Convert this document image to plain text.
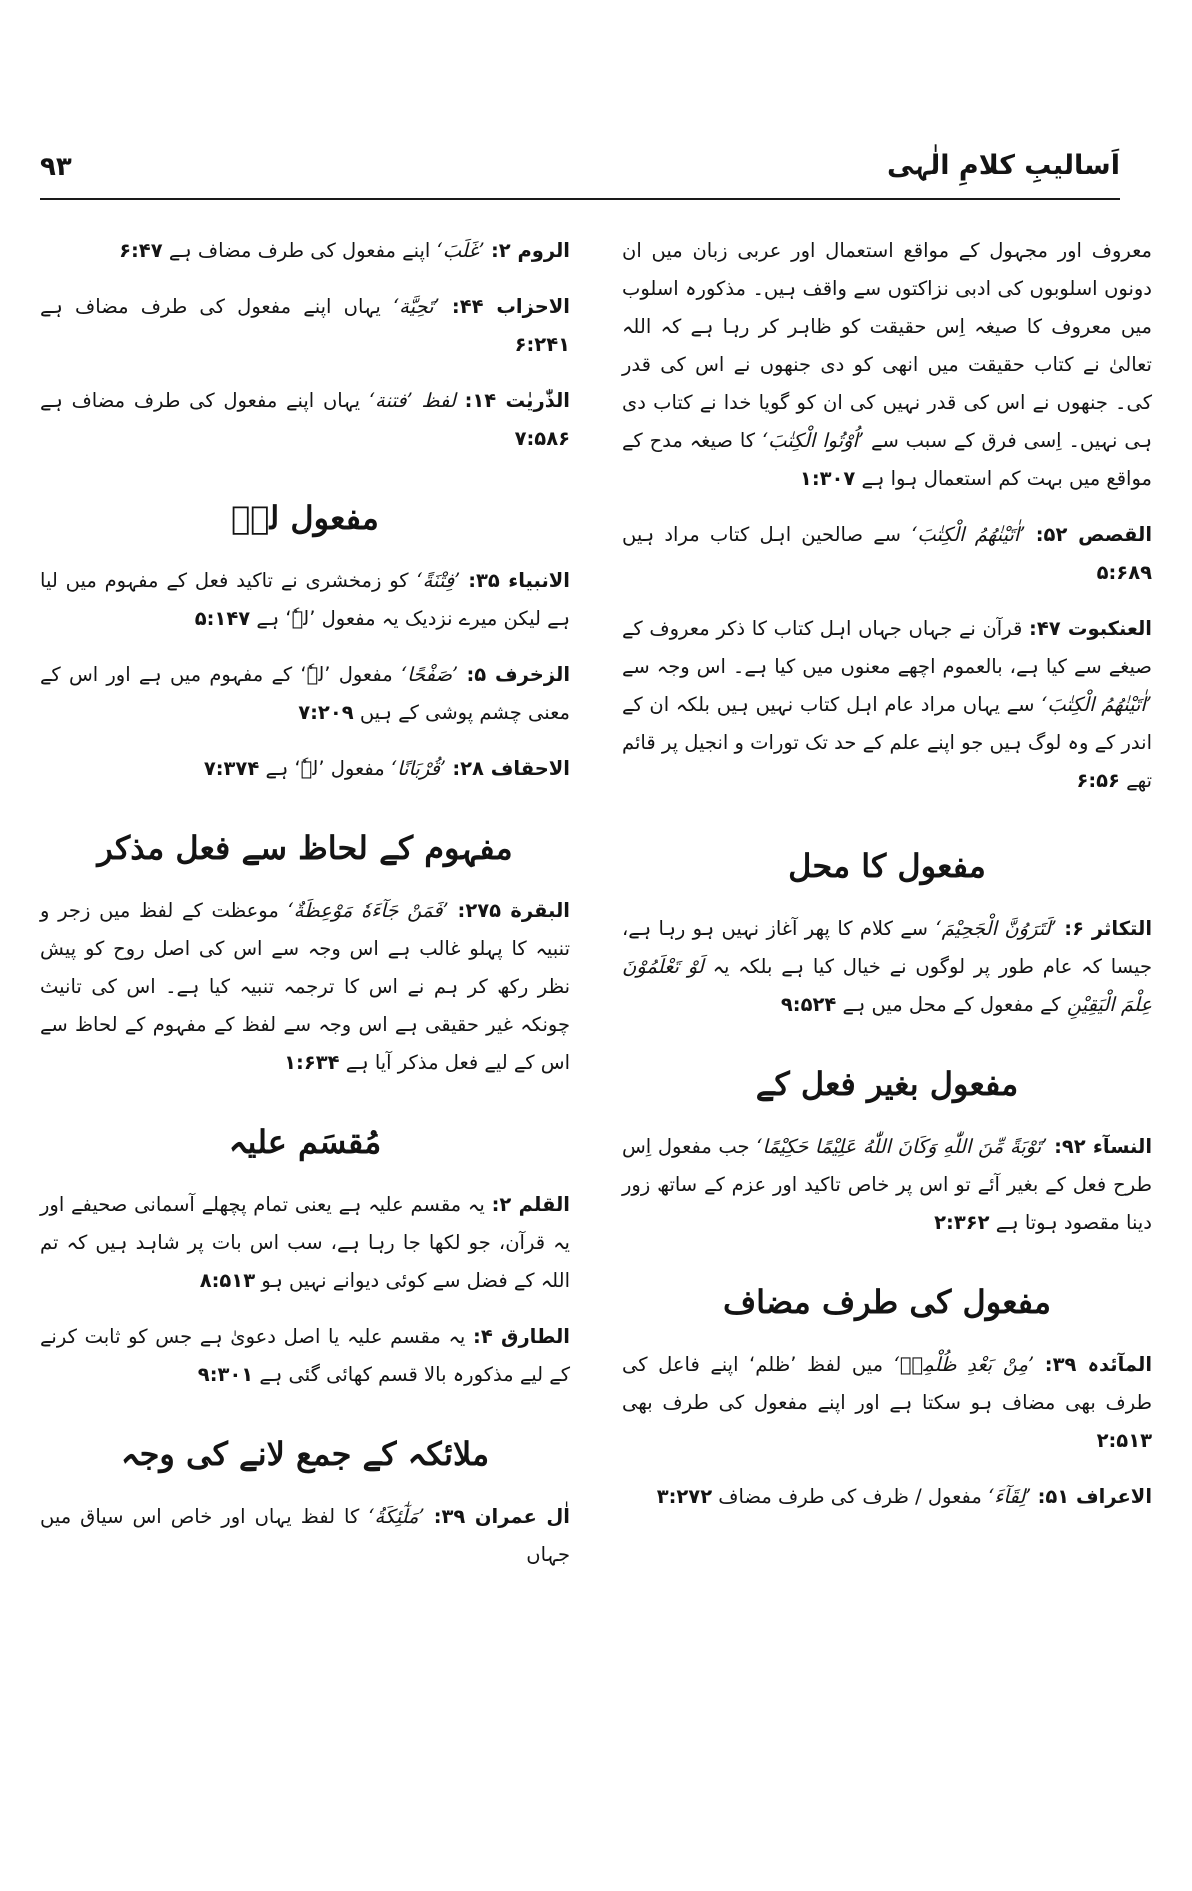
اَسالیبِ کلامِ الٰہی
۹۳

معروف اور مجہول کے مواقع استعمال اور عربی زبان میں ان دونوں اسلوبوں کی ادبی نزاکتوں سے واقف ہیں۔ مذکورہ اسلوب میں معروف کا صیغہ اِس حقیقت کو ظاہر کر رہا ہے کہ اللہ تعالیٰ نے کتاب حقیقت میں انھی کو دی جنھوں نے اس کی قدر کی۔ جنھوں نے اس کی قدر نہیں کی ان کو گویا خدا نے کتاب دی ہی نہیں۔ اِسی فرق کے سبب سے ’اُوْتُوا الْكِتٰبَ‘ کا صیغہ مدح کے مواقع میں بہت کم استعمال ہوا ہے ۱:۳۰۷

القصص ۵۲: ’اٰتَيْنٰهُمُ الْكِتٰبَ‘ سے صالحین اہل کتاب مراد ہیں ۵:۶۸۹

العنکبوت ۴۷: قرآن نے جہاں جہاں اہل کتاب کا ذکر معروف کے صیغے سے کیا ہے، بالعموم اچھے معنوں میں کیا ہے۔ اس وجہ سے ’اٰتَيْنٰهُمُ الْكِتٰبَ‘ سے یہاں مراد عام اہل کتاب نہیں ہیں بلکہ ان کے اندر کے وہ لوگ ہیں جو اپنے علم کے حد تک تورات و انجیل پر قائم تھے ۶:۵۶

مفعول کا محل

التکاثر ۶: ’لَتَرَوُنَّ الْجَحِيْمَ‘ سے کلام کا پھر آغاز نہیں ہو رہا ہے، جیسا کہ عام طور پر لوگوں نے خیال کیا ہے بلکہ یہ لَوْ تَعْلَمُوْنَ عِلْمَ الْيَقِيْنِ کے مفعول کے محل میں ہے ۹:۵۲۴

مفعول بغیر فعل کے

النسآء ۹۲: ’تَوْبَةً مِّنَ اللّٰهِ وَكَانَ اللّٰهُ عَلِيْمًا حَكِيْمًا‘ جب مفعول اِس طرح فعل کے بغیر آئے تو اس پر خاص تاکید اور عزم کے ساتھ زور دینا مقصود ہوتا ہے ۲:۳۶۲

مفعول کی طرف مضاف

المآئدہ ۳۹: ’مِنْ بَعْدِ ظُلْمِهٖ‘ میں لفظ ’ظلم‘ اپنے فاعل کی طرف بھی مضاف ہو سکتا ہے اور اپنے مفعول کی طرف بھی ۲:۵۱۳

الاعراف ۵۱: ’لِقَآءَ‘ مفعول / ظرف کی طرف مضاف ۳:۲۷۲

الروم ۲: ’غَلَبَ‘ اپنے مفعول کی طرف مضاف ہے ۶:۴۷

الاحزاب ۴۴: ’تَحِيَّة‘ یہاں اپنے مفعول کی طرف مضاف ہے ۶:۲۴۱

الذّٰریٰت ۱۴: لفظ ’فتنة‘ یہاں اپنے مفعول کی طرف مضاف ہے ۷:۵۸۶

مفعول لہٗ

الانبیاء ۳۵: ’فِتْنَةً‘ کو زمخشری نے تاکید فعل کے مفہوم میں لیا ہے لیکن میرے نزدیک یہ مفعول ’لہٗ‘ ہے ۵:۱۴۷

الزخرف ۵: ’صَفْحًا‘ مفعول ’لہٗ‘ کے مفہوم میں ہے اور اس کے معنی چشم پوشی کے ہیں ۷:۲۰۹

الاحقاف ۲۸: ’قُرْبَانًا‘ مفعول ’لہٗ‘ ہے ۷:۳۷۴

مفہوم کے لحاظ سے فعل مذکر

البقرة ۲۷۵: ’فَمَنْ جَآءَهٗ مَوْعِظَةٌ‘ موعظت کے لفظ میں زجر و تنبیہ کا پہلو غالب ہے اس وجہ سے اس کی اصل روح کو پیش نظر رکھ کر ہم نے اس کا ترجمہ تنبیہ کیا ہے۔ اس کی تانیث چونکہ غیر حقیقی ہے اس وجہ سے لفظ کے مفہوم کے لحاظ سے اس کے لیے فعل مذکر آیا ہے ۱:۶۳۴

مُقسَم علیہ

القلم ۲: یہ مقسم علیہ ہے یعنی تمام پچھلے آسمانی صحیفے اور یہ قرآن، جو لکھا جا رہا ہے، سب اس بات پر شاہد ہیں کہ تم اللہ کے فضل سے کوئی دیوانے نہیں ہو ۸:۵۱۳

الطارق ۴: یہ مقسم علیہ یا اصل دعویٰ ہے جس کو ثابت کرنے کے لیے مذکورہ بالا قسم کھائی گئی ہے ۹:۳۰۱

ملائکہ کے جمع لانے کی وجہ

اٰل عمران ۳۹: ’مَلٰٓئِكَةُ‘ کا لفظ یہاں اور خاص اس سیاق میں جہاں
